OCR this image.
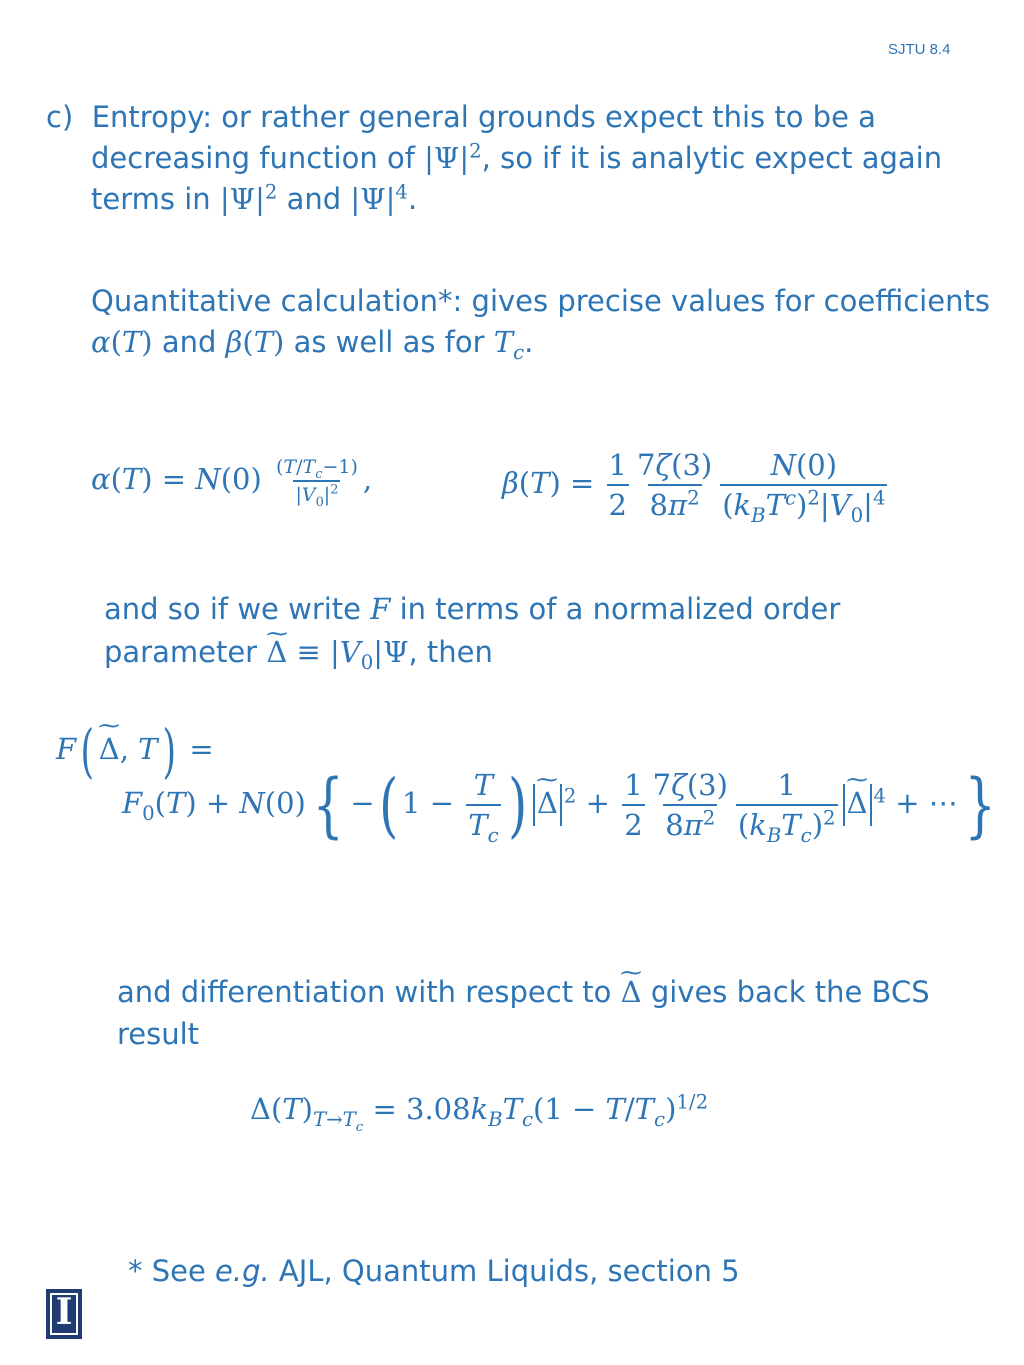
SJTU 8.4
c) Entropy: or rather general grounds expect this to be a
decreasing function of $|\Psi|^2$, so if it is analytic expect again
terms in $|\Psi|^2$ and $|\Psi|^4$.
Quantitative calculation*: gives precise values for coefficients
α(T) and β(T) as well as for $T_c$.
$\alpha(T) = N(0) \frac{(T/T_c-1)}{|V_0|^2}$ ,	$\beta(T) = \frac{1}{2} \frac{7\zeta(3)}{8\pi^2} \frac{N(0)}{(k_BT^c)^2|V_0|^4}$
and so if we write F in terms of a normalized order
parameter ~ $\Delta \equiv |V_0|\Psi$, then
F( ~ Δ, T) =
$F_0(T) + N(0)${ −( $1 - \frac{T}{T_c}$ ) ~ Δ $^2 + \frac{1}{2} \frac{7\zeta(3)}{8\pi^2} \frac{1}{(k_BT_c)^2}$ ~ Δ $^4$ + ⋯}
and differentiation with respect to ~ Δ gives back the BCS
result
$\Delta(T)_{T\to T_c} = 3.08k_BT_c(1 - T/T_c)^{1/2}$
* See e.g. AJL, Quantum Liquids, section 5
I
